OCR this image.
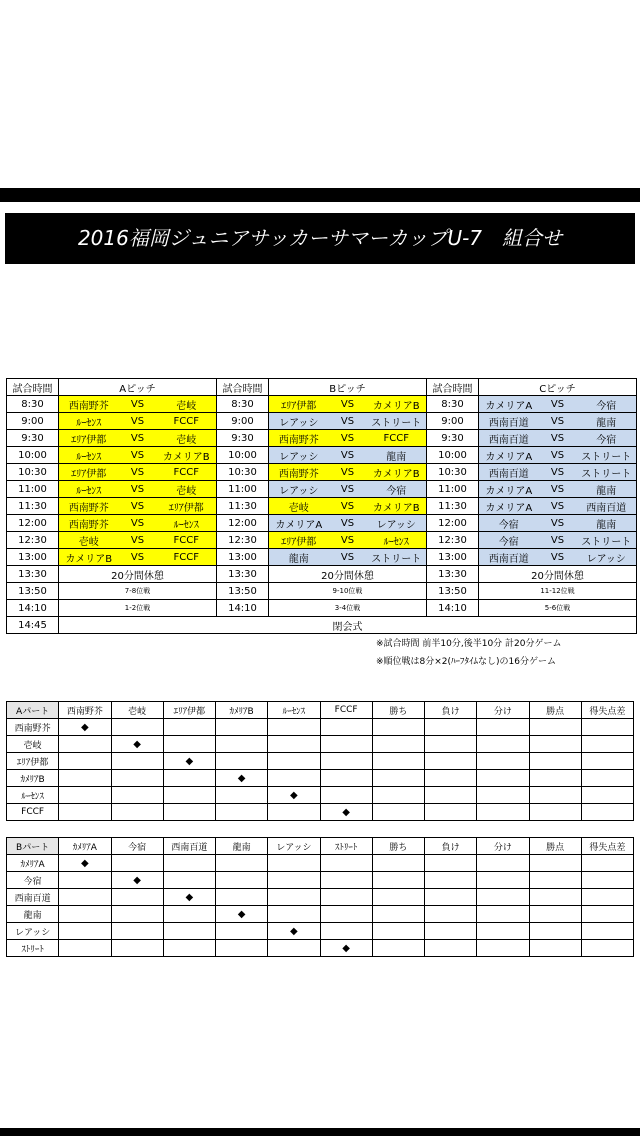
2016福岡ジュニアサッカーサマーカップU-7　組合せ
2016.7.31
試合時間	Aピッチ	試合時間	Bピッチ	試合時間	Cピッチ
8:30	西南野芥 VS 壱岐	8:30	ｴﾘｱ伊都 VS カメリアB	8:30	カメリアA VS 今宿

9:00	ﾙｰｾﾝｽ VS FCCF	9:00	レアッシ VS ストリート	9:00	西南百道 VS 龍南

9:30	ｴﾘｱ伊都 VS 壱岐	9:30	西南野芥 VS FCCF	9:30	西南百道 VS 今宿

10:00	ﾙｰｾﾝｽ VS カメリアB	10:00	レアッシ VS 龍南	10:00	カメリアA VS ストリート

10:30	ｴﾘｱ伊都 VS FCCF	10:30	西南野芥 VS カメリアB	10:30	西南百道 VS ストリート

11:00	ﾙｰｾﾝｽ VS 壱岐	11:00	レアッシ VS 今宿	11:00	カメリアA VS 龍南

11:30	西南野芥 VS ｴﾘｱ伊都	11:30	壱岐 VS カメリアB	11:30	カメリアA VS 西南百道

12:00	西南野芥 VS ﾙｰｾﾝｽ	12:00	カメリアA VS レアッシ	12:00	今宿 VS 龍南

12:30	壱岐 VS FCCF	12:30	ｴﾘｱ伊都 VS ﾙｰｾﾝｽ	12:30	今宿 VS ストリート

13:00	カメリアB VS FCCF	13:00	龍南 VS ストリート	13:00	西南百道 VS レアッシ

13:30	20分間休憩	13:30	20分間休憩	13:30	20分間休憩
13:50	7-8位戦	13:50	9-10位戦	13:50	11-12位戦
14:10	1-2位戦	14:10	3-4位戦	14:10	5-6位戦
14:45	閉会式				
※試合時間 前半10分,後半10分 計20分ゲーム
※順位戦は8分×2(ﾊｰﾌﾀｲﾑなし)の16分ゲーム
Aパート	西南野芥	壱岐	ｴﾘｱ伊都	ｶﾒﾘｱB	ﾙｰｾﾝｽ	FCCF	勝ち	負け	分け	勝点	得失点差
西南野芥	◆										
壱岐		◆									
ｴﾘｱ伊都			◆								
ｶﾒﾘｱB				◆							
ﾙｰｾﾝｽ					◆						
FCCF						◆					
Bパート	ｶﾒﾘｱA	今宿	西南百道	龍南	レアッシ	ｽﾄﾘｰﾄ	勝ち	負け	分け	勝点	得失点差
ｶﾒﾘｱA	◆										
今宿		◆									
西南百道			◆								
龍南				◆							
レアッシ					◆						
ｽﾄﾘｰﾄ						◆					
